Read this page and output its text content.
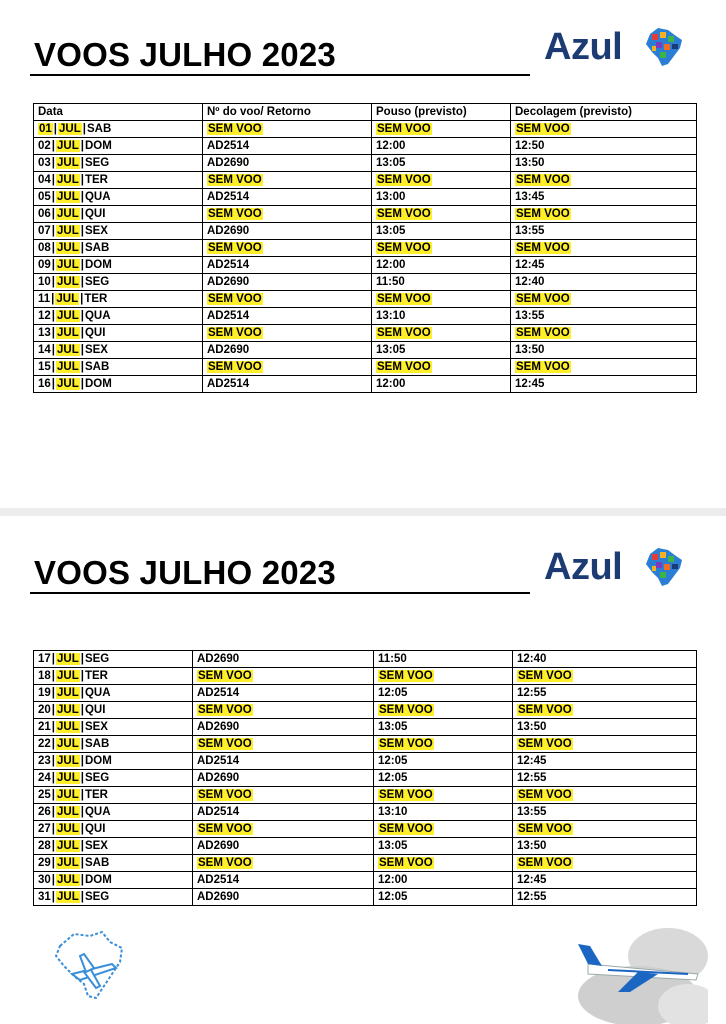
VOOS JULHO 2023	Azul
Data	Nº do voo/ Retorno	Pouso (previsto)	Decolagem (previsto)
01 | JUL |SAB	SEM VOO	SEM VOO	SEM VOO
02| JUL |DOM	AD2514	12:00	12:50
03| JUL |SEG	AD2690	13:05	13:50
04| JUL |TER	SEM VOO	SEM VOO	SEM VOO
05| JUL |QUA	AD2514	13:00	13:45
06| JUL |QUI	SEM VOO	SEM VOO	SEM VOO
07| JUL |SEX	AD2690	13:05	13:55
08| JUL |SAB	SEM VOO	SEM VOO	SEM VOO
09| JUL |DOM	AD2514	12:00	12:45
10| JUL |SEG	AD2690	11:50	12:40
11| JUL |TER	SEM VOO	SEM VOO	SEM VOO
12| JUL |QUA	AD2514	13:10	13:55
13| JUL |QUI	SEM VOO	SEM VOO	SEM VOO
14| JUL |SEX	AD2690	13:05	13:50
15| JUL |SAB	SEM VOO	SEM VOO	SEM VOO
16| JUL |DOM	AD2514	12:00	12:45
VOOS JULHO 2023	Azul
17| JUL |SEG	AD2690	11:50	12:40
18| JUL |TER	SEM VOO	SEM VOO	SEM VOO
19| JUL |QUA	AD2514	12:05	12:55
20| JUL |QUI	SEM VOO	SEM VOO	SEM VOO
21| JUL |SEX	AD2690	13:05	13:50
22| JUL |SAB	SEM VOO	SEM VOO	SEM VOO
23| JUL |DOM	AD2514	12:05	12:45
24| JUL |SEG	AD2690	12:05	12:55
25| JUL |TER	SEM VOO	SEM VOO	SEM VOO
26| JUL |QUA	AD2514	13:10	13:55
27| JUL |QUI	SEM VOO	SEM VOO	SEM VOO
28| JUL |SEX	AD2690	13:05	13:50
29| JUL |SAB	SEM VOO	SEM VOO	SEM VOO
30| JUL |DOM	AD2514	12:00	12:45
31| JUL |SEG	AD2690	12:05	12:55
